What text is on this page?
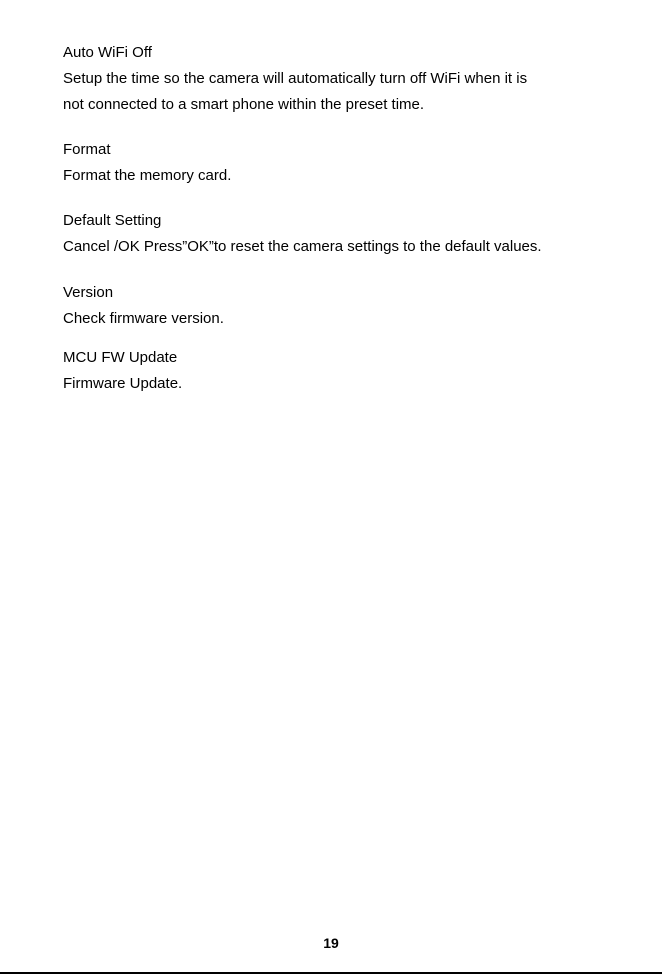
Auto WiFi Off
Setup the time so the camera will automatically turn off WiFi when it is
not connected to a smart phone within the preset time.
Format
Format the memory card.
Default Setting
Cancel /OK Press”OK”to reset the camera settings to the default values.
Version
Check firmware version.
MCU FW Update
Firmware Update.
19
